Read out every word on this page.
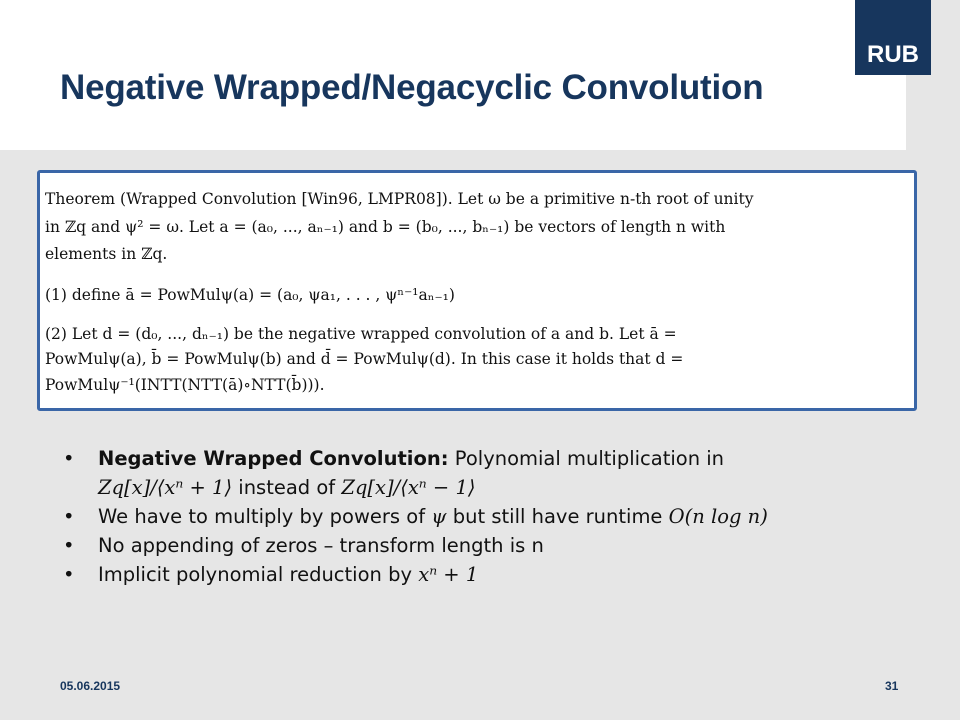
Negative Wrapped/Negacyclic Convolution
RUB
Theorem (Wrapped Convolution [Win96, LMPR08]). Let ω be a primitive n-th root of unity
in ℤq and ψ² = ω. Let a = (a₀, ..., aₙ₋₁) and b = (b₀, ..., bₙ₋₁) be vectors of length n with
elements in ℤq.
(1) define ā = PowMulψ(a) = (a₀, ψa₁, . . . , ψⁿ⁻¹aₙ₋₁)
(2) Let d = (d₀, ..., dₙ₋₁) be the negative wrapped convolution of a and b. Let ā =
PowMulψ(a), b̄ = PowMulψ(b) and d̄ = PowMulψ(d). In this case it holds that d =
PowMulψ⁻¹(INTT(NTT(ā)∘NTT(b̄))).
• Negative Wrapped Convolution: Polynomial multiplication in
Zq[x]/⟨xⁿ + 1⟩ instead of Zq[x]/⟨xⁿ − 1⟩
• We have to multiply by powers of ψ but still have runtime O(n log n)
• No appending of zeros – transform length is n
• Implicit polynomial reduction by xⁿ + 1
05.06.2015	31
